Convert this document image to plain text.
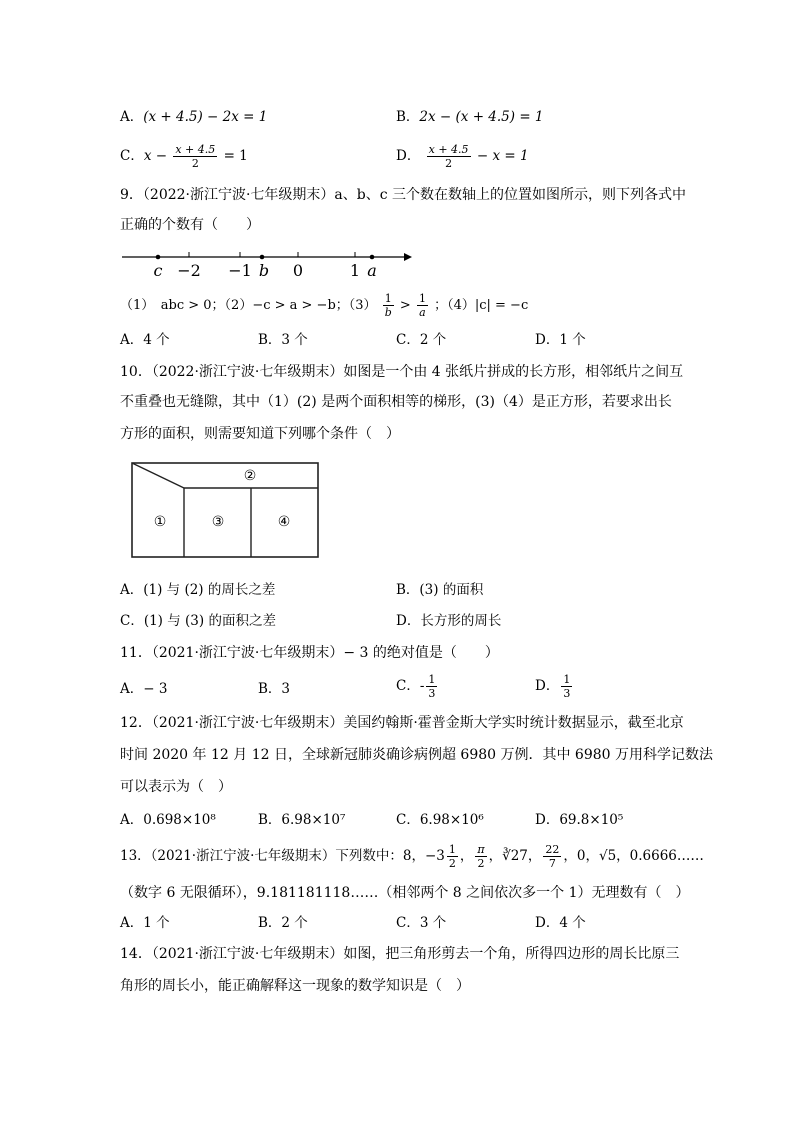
A．(x + 4.5) − 2x = 1	B．2x − (x + 4.5) = 1
C．$x - \frac{x + 4.5}{2} = 1$	D． $\frac{x + 4.5}{2} - x = 1$
9．（2022·浙江宁波·七年级期末）a、b、c 三个数在数轴上的位置如图所示，则下列各式中
正确的个数有（　　）
c −2 −1 b 0	1 a
（1）　abc > 0；（2）−c > a > −b；$(3) \frac{1}{b} > \frac{1}{a}$ ；（4）|c| = −c
A．4 个	B．3 个	C．2 个	D．1 个
10．（2022·浙江宁波·七年级期末）如图是一个由 4 张纸片拼成的长方形，相邻纸片之间互
不重叠也无缝隙，其中（1）(2) 是两个面积相等的梯形，(3)（4）是正方形，若要求出长
方形的面积，则需要知道下列哪个条件（　）
②
①	③	④
A．(1) 与 (2) 的周长之差	B．(3) 的面积
C．(1) 与 (3) 的面积之差	D．长方形的周长
11．（2021·浙江宁波·七年级期末）− 3 的绝对值是（　　）
A．− 3	B．3	C．- $\frac{1}{3}$	D． $\frac{1}{3}$
12．（2021·浙江宁波·七年级期末）美国约翰斯·霍普金斯大学实时统计数据显示，截至北京
时间 2020 年 12 月 12 日，全球新冠肺炎确诊病例超 6980 万例．其中 6980 万用科学记数法
可以表示为（　）
A．0.698×10⁸	B．6.98×10⁷	C．6.98×10⁶	D．69.8×10⁵
13．（2021·浙江宁波·七年级期末）下列数中：8，$-3 \frac{1}{2}$ ， $\frac{\pi}{2}$ ，∛27， $\frac{22}{7}$ ，0，√5，0.6666……
（数字 6 无限循环），9.181181118……（相邻两个 8 之间依次多一个 1）无理数有（　）
A．1 个	B．2 个	C．3 个	D．4 个
14．（2021·浙江宁波·七年级期末）如图，把三角形剪去一个角，所得四边形的周长比原三
角形的周长小，能正确解释这一现象的数学知识是（　）
